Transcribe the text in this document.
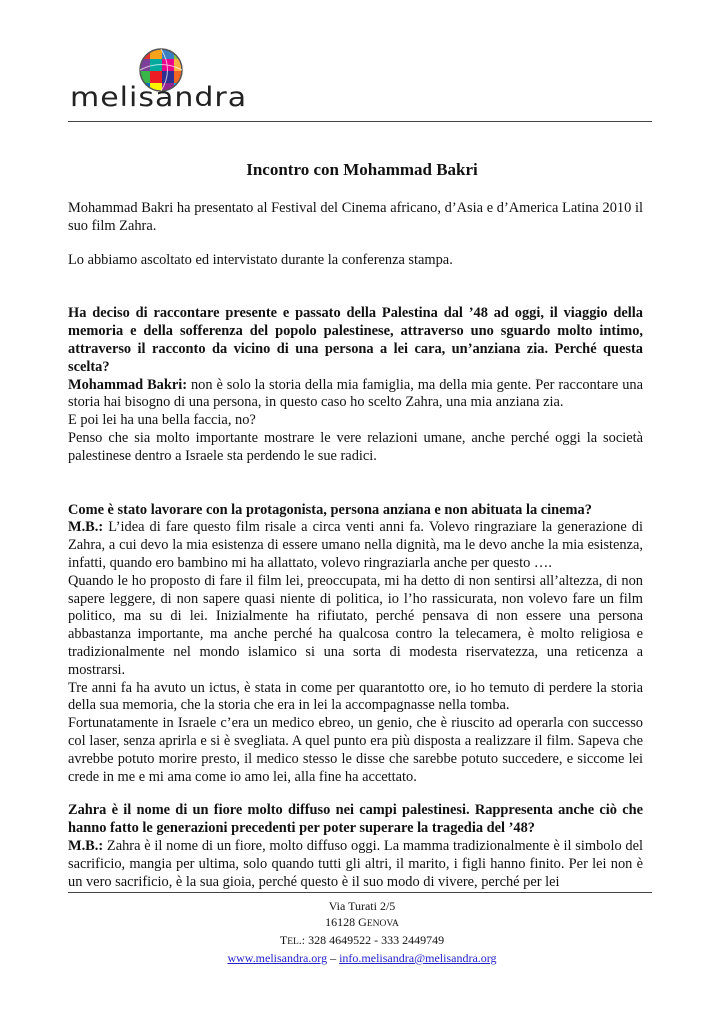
melisandra
Incontro con Mohammad Bakri

Mohammad Bakri ha presentato al Festival del Cinema africano, d’Asia e d’America Latina 2010 il suo film Zahra.

Lo abbiamo ascoltato ed intervistato durante la conferenza stampa.

Ha deciso di raccontare presente e passato della Palestina dal ’48 ad oggi, il viaggio della memoria e della sofferenza del popolo palestinese, attraverso uno sguardo molto intimo, attraverso il racconto da vicino di una persona a lei cara, un’anziana zia. Perché questa scelta?

Mohammad Bakri: non è solo la storia della mia famiglia, ma della mia gente. Per raccontare una storia hai bisogno di una persona, in questo caso ho scelto Zahra, una mia anziana zia.

E poi lei ha una bella faccia, no?

Penso che sia molto importante mostrare le vere relazioni umane, anche perché oggi la società palestinese dentro a Israele sta perdendo le sue radici.

Come è stato lavorare con la protagonista, persona anziana e non abituata la cinema?

M.B.: L’idea di fare questo film risale a circa venti anni fa. Volevo ringraziare la generazione di Zahra, a cui devo la mia esistenza di essere umano nella dignità, ma le devo anche la mia esistenza, infatti, quando ero bambino mi ha allattato, volevo ringraziarla anche per questo ….

Quando le ho proposto di fare il film lei, preoccupata, mi ha detto di non sentirsi all’altezza, di non sapere leggere, di non sapere quasi niente di politica, io l’ho rassicurata, non volevo fare un film politico, ma su di lei. Inizialmente ha rifiutato, perché pensava di non essere una persona abbastanza importante, ma anche perché ha qualcosa contro la telecamera, è molto religiosa e tradizionalmente nel mondo islamico si una sorta di modesta riservatezza, una reticenza a mostrarsi.

Tre anni fa ha avuto un ictus, è stata in come per quarantotto ore, io ho temuto di perdere la storia della sua memoria, che la storia che era in lei la accompagnasse nella tomba.

Fortunatamente in Israele c’era un medico ebreo, un genio, che è riuscito ad operarla con successo col laser, senza aprirla e si è svegliata. A quel punto era più disposta a realizzare il film. Sapeva che avrebbe potuto morire presto, il medico stesso le disse che sarebbe potuto succedere, e siccome lei crede in me e mi ama come io amo lei, alla fine ha accettato.

Zahra è il nome di un fiore molto diffuso nei campi palestinesi. Rappresenta anche ciò che hanno fatto le generazioni precedenti per poter superare la tragedia del ’48?

M.B.: Zahra è il nome di un fiore, molto diffuso oggi. La mamma tradizionalmente è il simbolo del sacrificio, mangia per ultima, solo quando tutti gli altri, il marito, i figli hanno finito. Per lei non è un vero sacrificio, è la sua gioia, perché questo è il suo modo di vivere, perché per lei

Via Turati 2/5
16128 GENOVA
TEL.: 328 4649522 - 333 2449749
www.melisandra.org – info.melisandra@melisandra.org
